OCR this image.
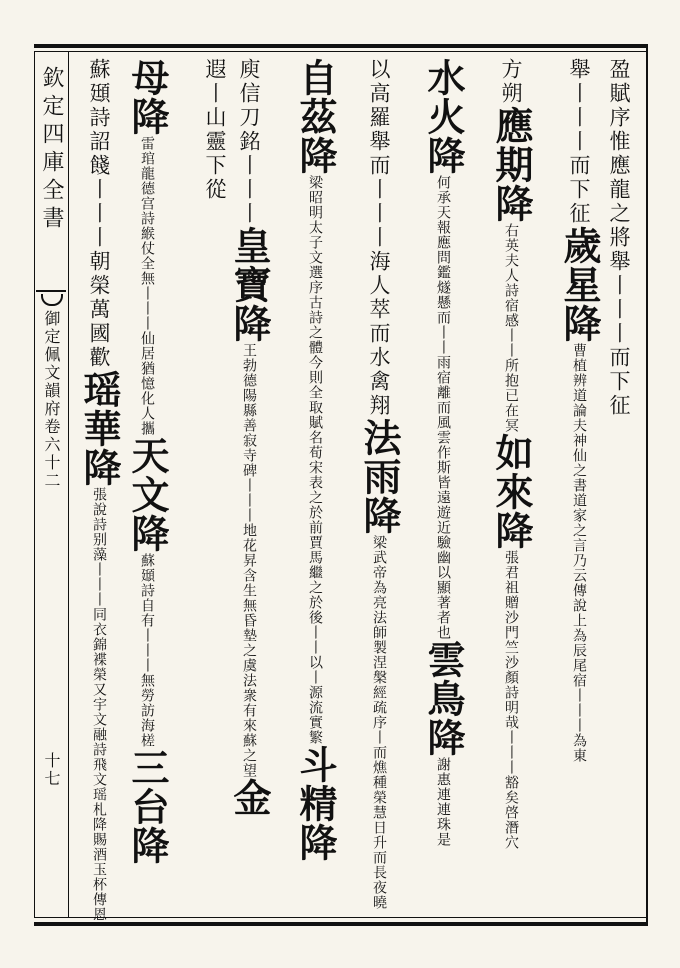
欽定四庫全書
御定佩文韻府卷六十二
十七
盈賦序惟應龍之將舉丨丨丨而下征
舉丨丨丨而下征歲星降曹植辨道論夫神仙之書道家之言乃云傳說上為辰尾宿丨丨丨為東
方朔應期降右英夫人詩宿感丨丨所抱已在冥如來降張君祖贈沙門竺沙顏詩明哉丨丨丨豁矣啓潛穴
水火降何承天報應問鑑燧懸而丨丨雨宿離而風雲作斯皆遠遊近驗幽以顯著者也雲鳥降謝惠連連珠是
以高羅舉而丨丨丨海人萃而水禽翔法雨降梁武帝為亮法師製涅槃經疏序丨而燋種榮慧日升而長夜曉
自茲降梁昭明太子文選序古詩之體今則全取賦名荀宋表之於前賈馬繼之於後丨丨以丨源流實繁斗精降
庾信刀銘丨丨丨皇寶降王勃德陽縣善寂寺碑丨丨丨地花昇含生無昏墊之虞法衆有來蘇之望金
遐丨山靈下從
母降雷琯龍德宫詩緱仗全無丨丨丨仙居猶憶化人攜天文降蘇頲詩自有丨丨丨無勞訪海槎三台降
蘇頲詩詔餞丨丨丨朝榮萬國歡瑶華降張說詩别藻丨丨丨同衣錦褋榮又宇文融詩飛文瑶札降賜酒玉杯傳恩
